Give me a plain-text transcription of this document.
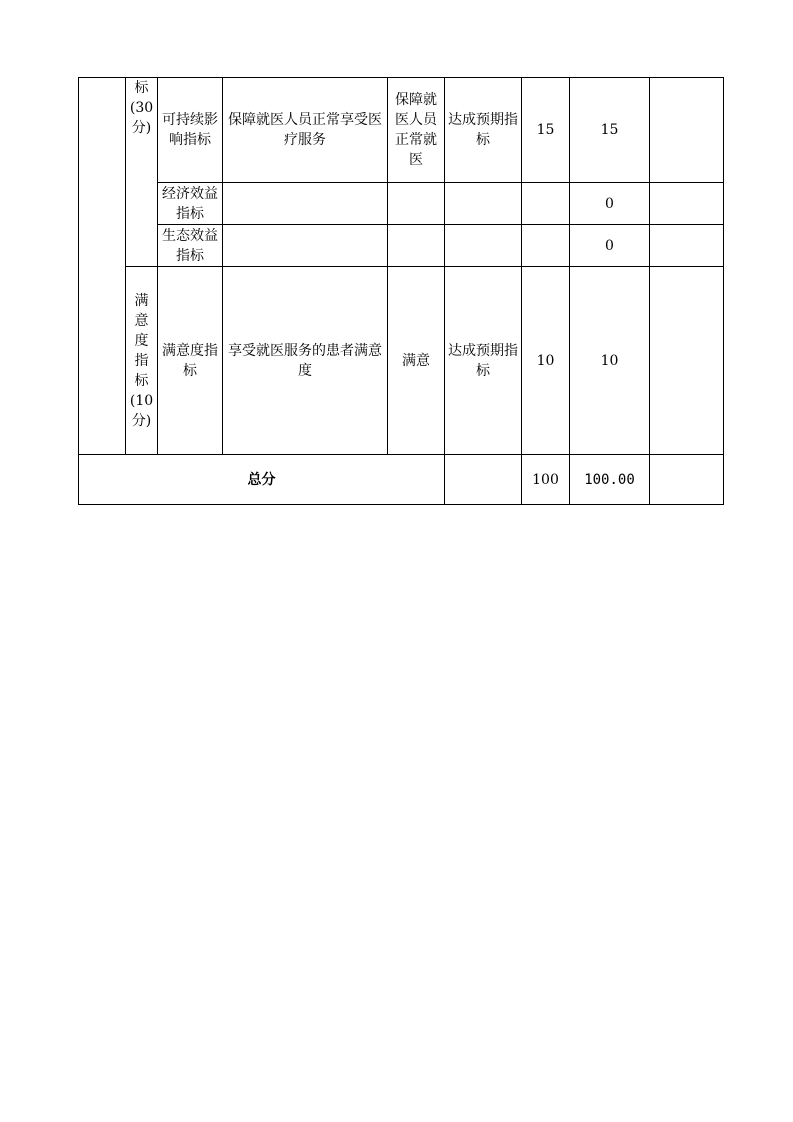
	标(30分)	可持续影响指标	保障就医人员正常享受医疗服务	保障就医人员正常就医	达成预期指标	15	15	
		经济效益指标					0	
		生态效益指标					0	
	满意度指标(10分)	满意度指标	享受就医服务的患者满意度	满意	达成预期指标	10	10	
总分						100	100.00	
